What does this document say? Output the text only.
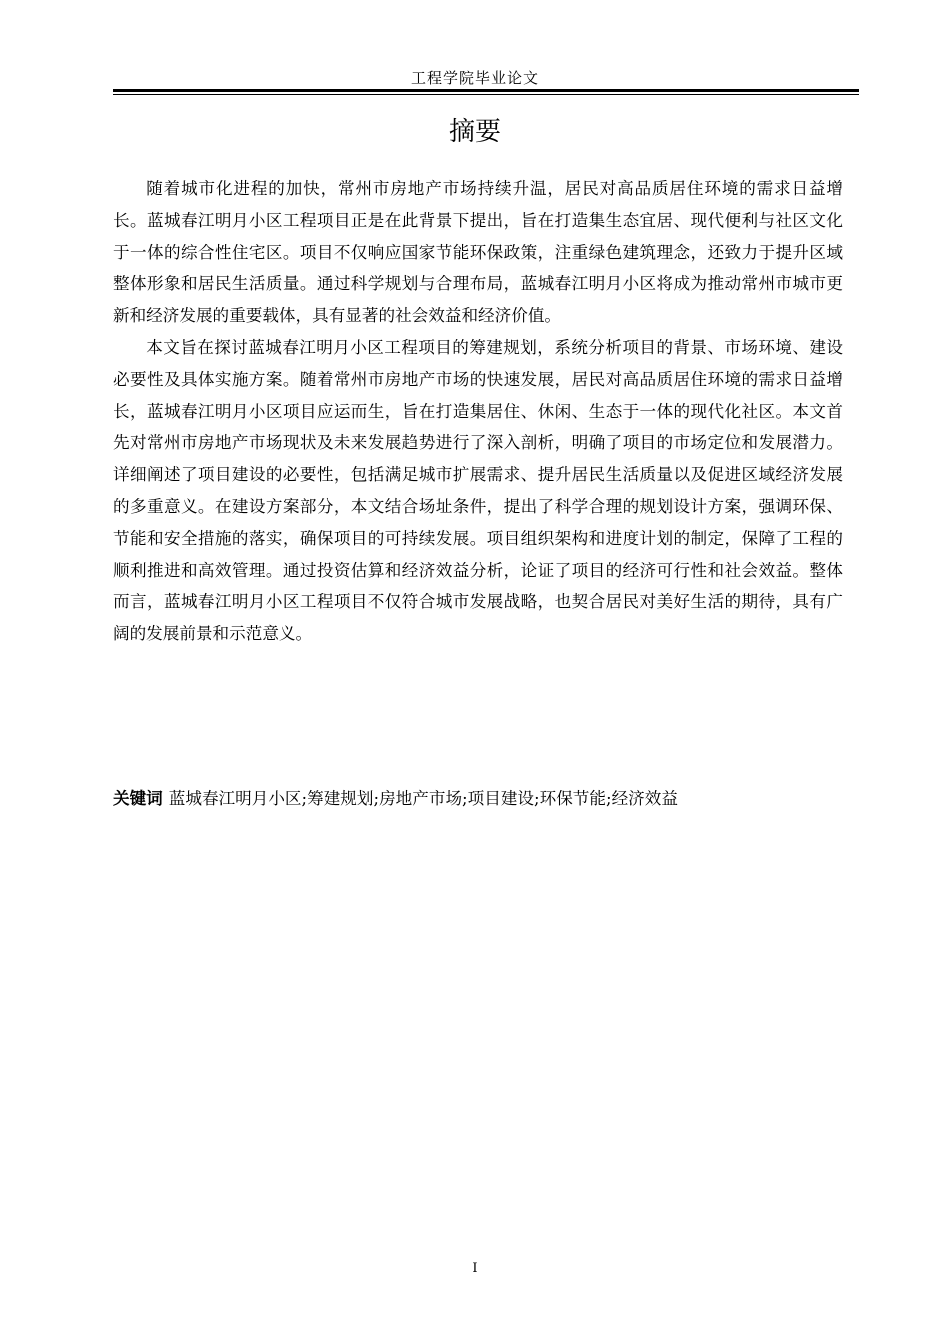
工程学院毕业论文
摘要

随着城市化进程的加快，常州市房地产市场持续升温，居民对高品质居住环境的需求日益增长。蓝城春江明月小区工程项目正是在此背景下提出，旨在打造集生态宜居、现代便利与社区文化于一体的综合性住宅区。项目不仅响应国家节能环保政策，注重绿色建筑理念，还致力于提升区域整体形象和居民生活质量。通过科学规划与合理布局，蓝城春江明月小区将成为推动常州市城市更新和经济发展的重要载体，具有显著的社会效益和经济价值。

本文旨在探讨蓝城春江明月小区工程项目的筹建规划，系统分析项目的背景、市场环境、建设必要性及具体实施方案。随着常州市房地产市场的快速发展，居民对高品质居住环境的需求日益增长，蓝城春江明月小区项目应运而生，旨在打造集居住、休闲、生态于一体的现代化社区。本文首先对常州市房地产市场现状及未来发展趋势进行了深入剖析，明确了项目的市场定位和发展潜力。详细阐述了项目建设的必要性，包括满足城市扩展需求、提升居民生活质量以及促进区域经济发展的多重意义。在建设方案部分，本文结合场址条件，提出了科学合理的规划设计方案，强调环保、节能和安全措施的落实，确保项目的可持续发展。项目组织架构和进度计划的制定，保障了工程的顺利推进和高效管理。通过投资估算和经济效益分析，论证了项目的经济可行性和社会效益。整体而言，蓝城春江明月小区工程项目不仅符合城市发展战略，也契合居民对美好生活的期待，具有广阔的发展前景和示范意义。

关键词 蓝城春江明月小区;筹建规划;房地产市场;项目建设;环保节能;经济效益
I
